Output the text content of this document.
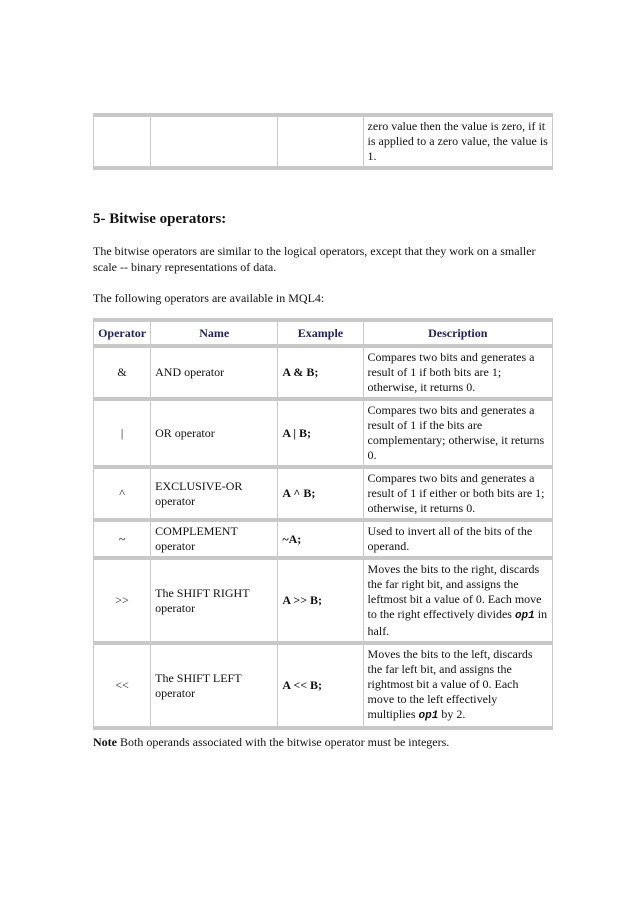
			zero value then the value is zero, if it is applied to a zero value, the value is 1.
5- Bitwise operators:
The bitwise operators are similar to the logical operators, except that they work on a smaller scale -- binary representations of data.
The following operators are available in MQL4:
Operator	Name	Example	Description
&	AND operator	A & B;	Compares two bits and generates a result of 1 if both bits are 1; otherwise, it returns 0.
|	OR operator	A | B;	Compares two bits and generates a result of 1 if the bits are complementary; otherwise, it returns 0.
^	EXCLUSIVE-OR operator	A ^ B;	Compares two bits and generates a result of 1 if either or both bits are 1; otherwise, it returns 0.
~	COMPLEMENT operator	~A;	Used to invert all of the bits of the operand.
>>	The SHIFT RIGHT operator	A >> B;	Moves the bits to the right, discards the far right bit, and assigns the leftmost bit a value of 0. Each move to the right effectively divides op1 in half.
<<	The SHIFT LEFT operator	A << B;	Moves the bits to the left, discards the far left bit, and assigns the rightmost bit a value of 0. Each move to the left effectively multiplies op1 by 2.
Note Both operands associated with the bitwise operator must be integers.
